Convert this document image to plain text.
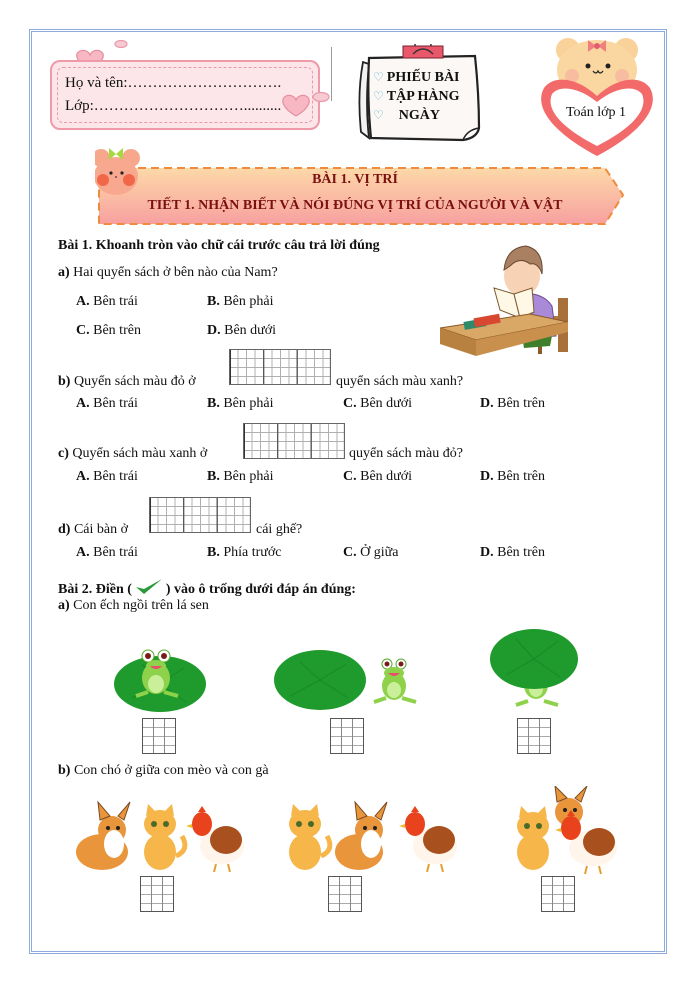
Họ và tên:………………………….
Lớp:…………………………..........
♡ PHIẾU BÀI
♡ TẬP HÀNG
♡ NGÀY	Toán lớp 1
BÀI 1. VỊ TRÍ
TIẾT 1. NHẬN BIẾT VÀ NÓI ĐÚNG VỊ TRÍ CỦA NGƯỜI VÀ VẬT
Bài 1. Khoanh tròn vào chữ cái trước câu trả lời đúng
a) Hai quyển sách ở bên nào của Nam?
A. Bên trái	B. Bên phải
C. Bên trên	D. Bên dưới
b) Quyển sách màu đỏ ở	quyển sách màu xanh?
A. Bên trái	B. Bên phải	C. Bên dưới	D. Bên trên
c) Quyển sách màu xanh ở	quyển sách màu đỏ?
A. Bên trái	B. Bên phải	C. Bên dưới	D. Bên trên
d) Cái bàn ở	cái ghế?
A. Bên trái	B. Phía trước	C. Ở giữa	D. Bên trên
Bài 2. Điền ( ) vào ô trống dưới đáp án đúng:
a) Con ếch ngồi trên lá sen
b) Con chó ở giữa con mèo và con gà
